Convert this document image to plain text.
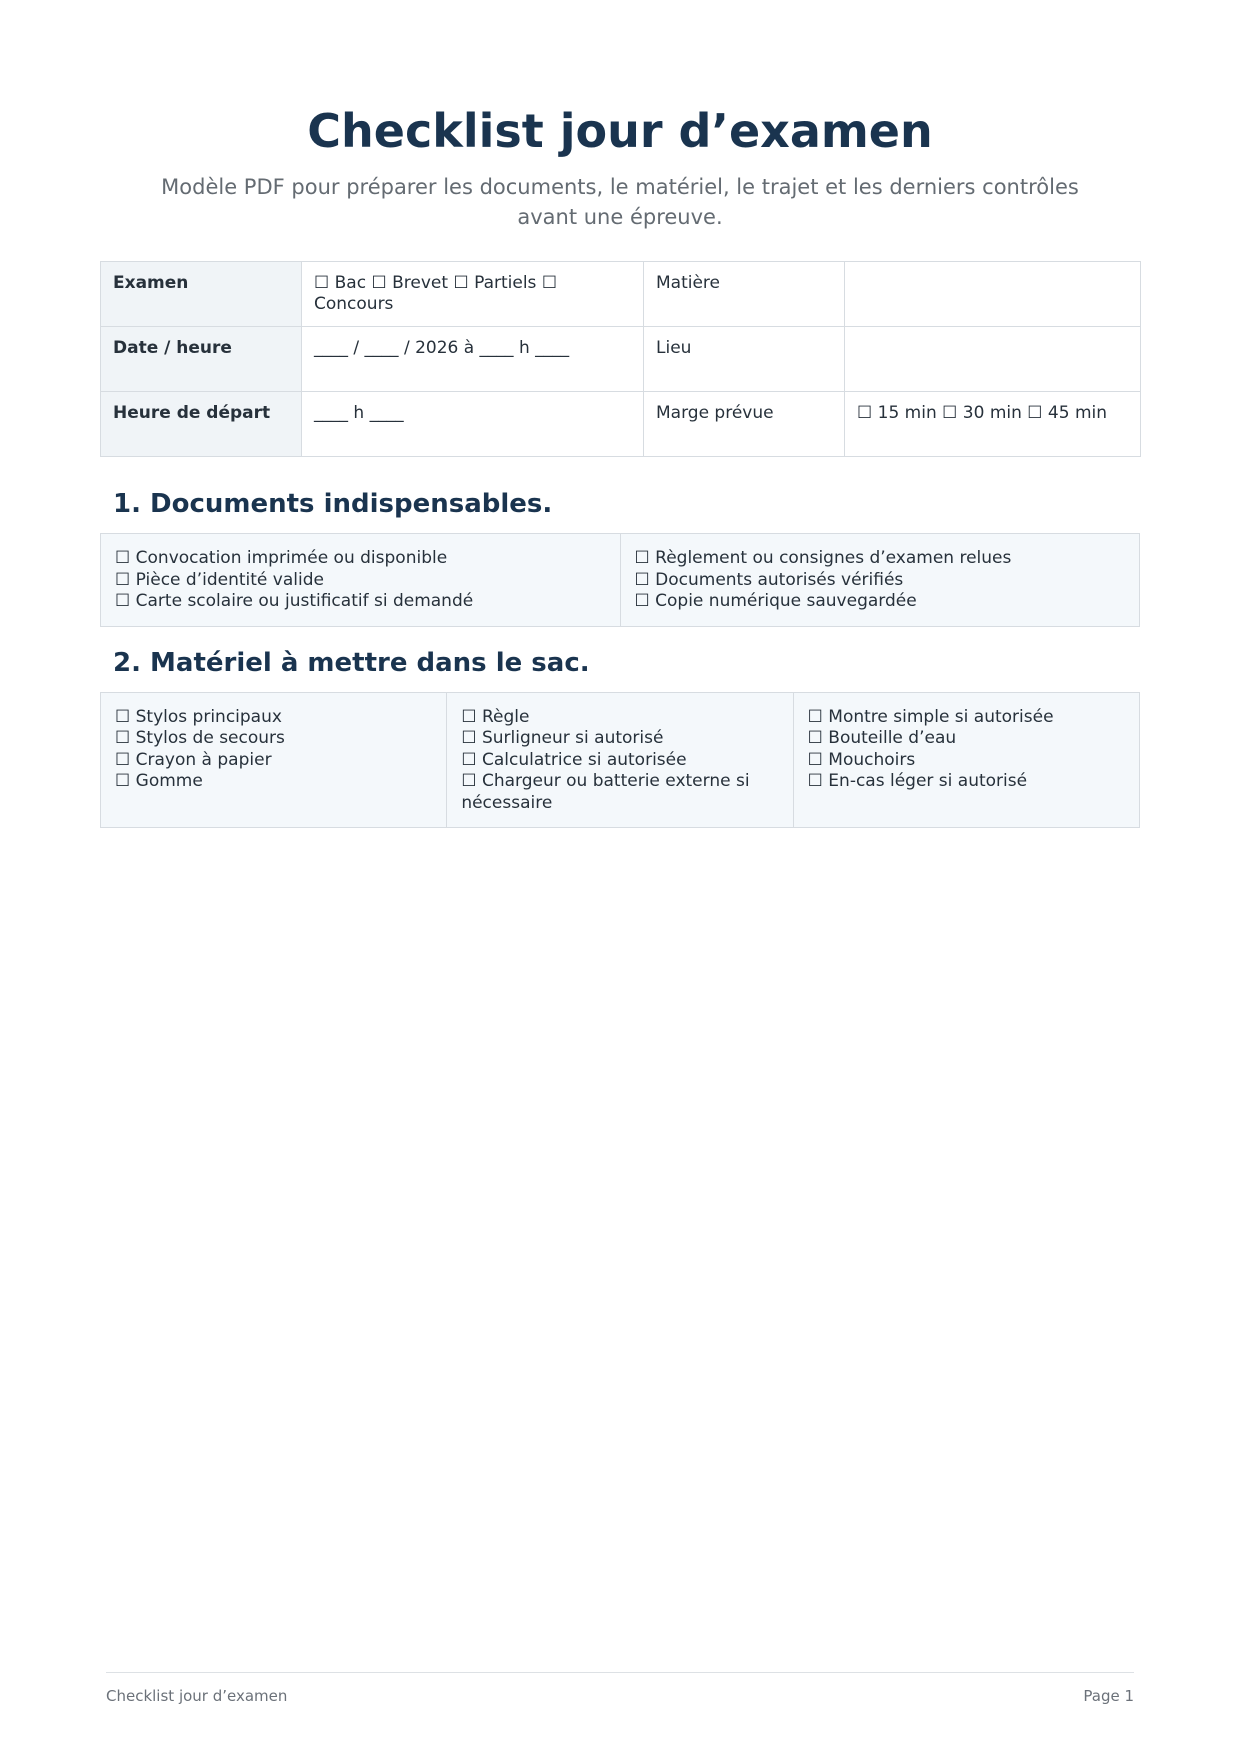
Checklist jour d’examen
Modèle PDF pour préparer les documents, le matériel, le trajet et les derniers contrôles avant une épreuve.
Examen	☐ Bac ☐ Brevet ☐ Partiels ☐ Concours	Matière	
Date / heure	____ / ____ / 2026 à ____ h ____	Lieu	
Heure de départ	____ h ____	Marge prévue	☐ 15 min ☐ 30 min ☐ 45 min
1. Documents indispensables.
☐ Convocation imprimée ou disponible
☐ Pièce d’identité valide
☐ Carte scolaire ou justificatif si demandé

☐ Règlement ou consignes d’examen relues
☐ Documents autorisés vérifiés
☐ Copie numérique sauvegardée
2. Matériel à mettre dans le sac.
☐ Stylos principaux
☐ Stylos de secours
☐ Crayon à papier
☐ Gomme

☐ Règle
☐ Surligneur si autorisé
☐ Calculatrice si autorisée
☐ Chargeur ou batterie externe si nécessaire

☐ Montre simple si autorisée
☐ Bouteille d’eau
☐ Mouchoirs
☐ En-cas léger si autorisé
Checklist jour d’examen	Page 1
